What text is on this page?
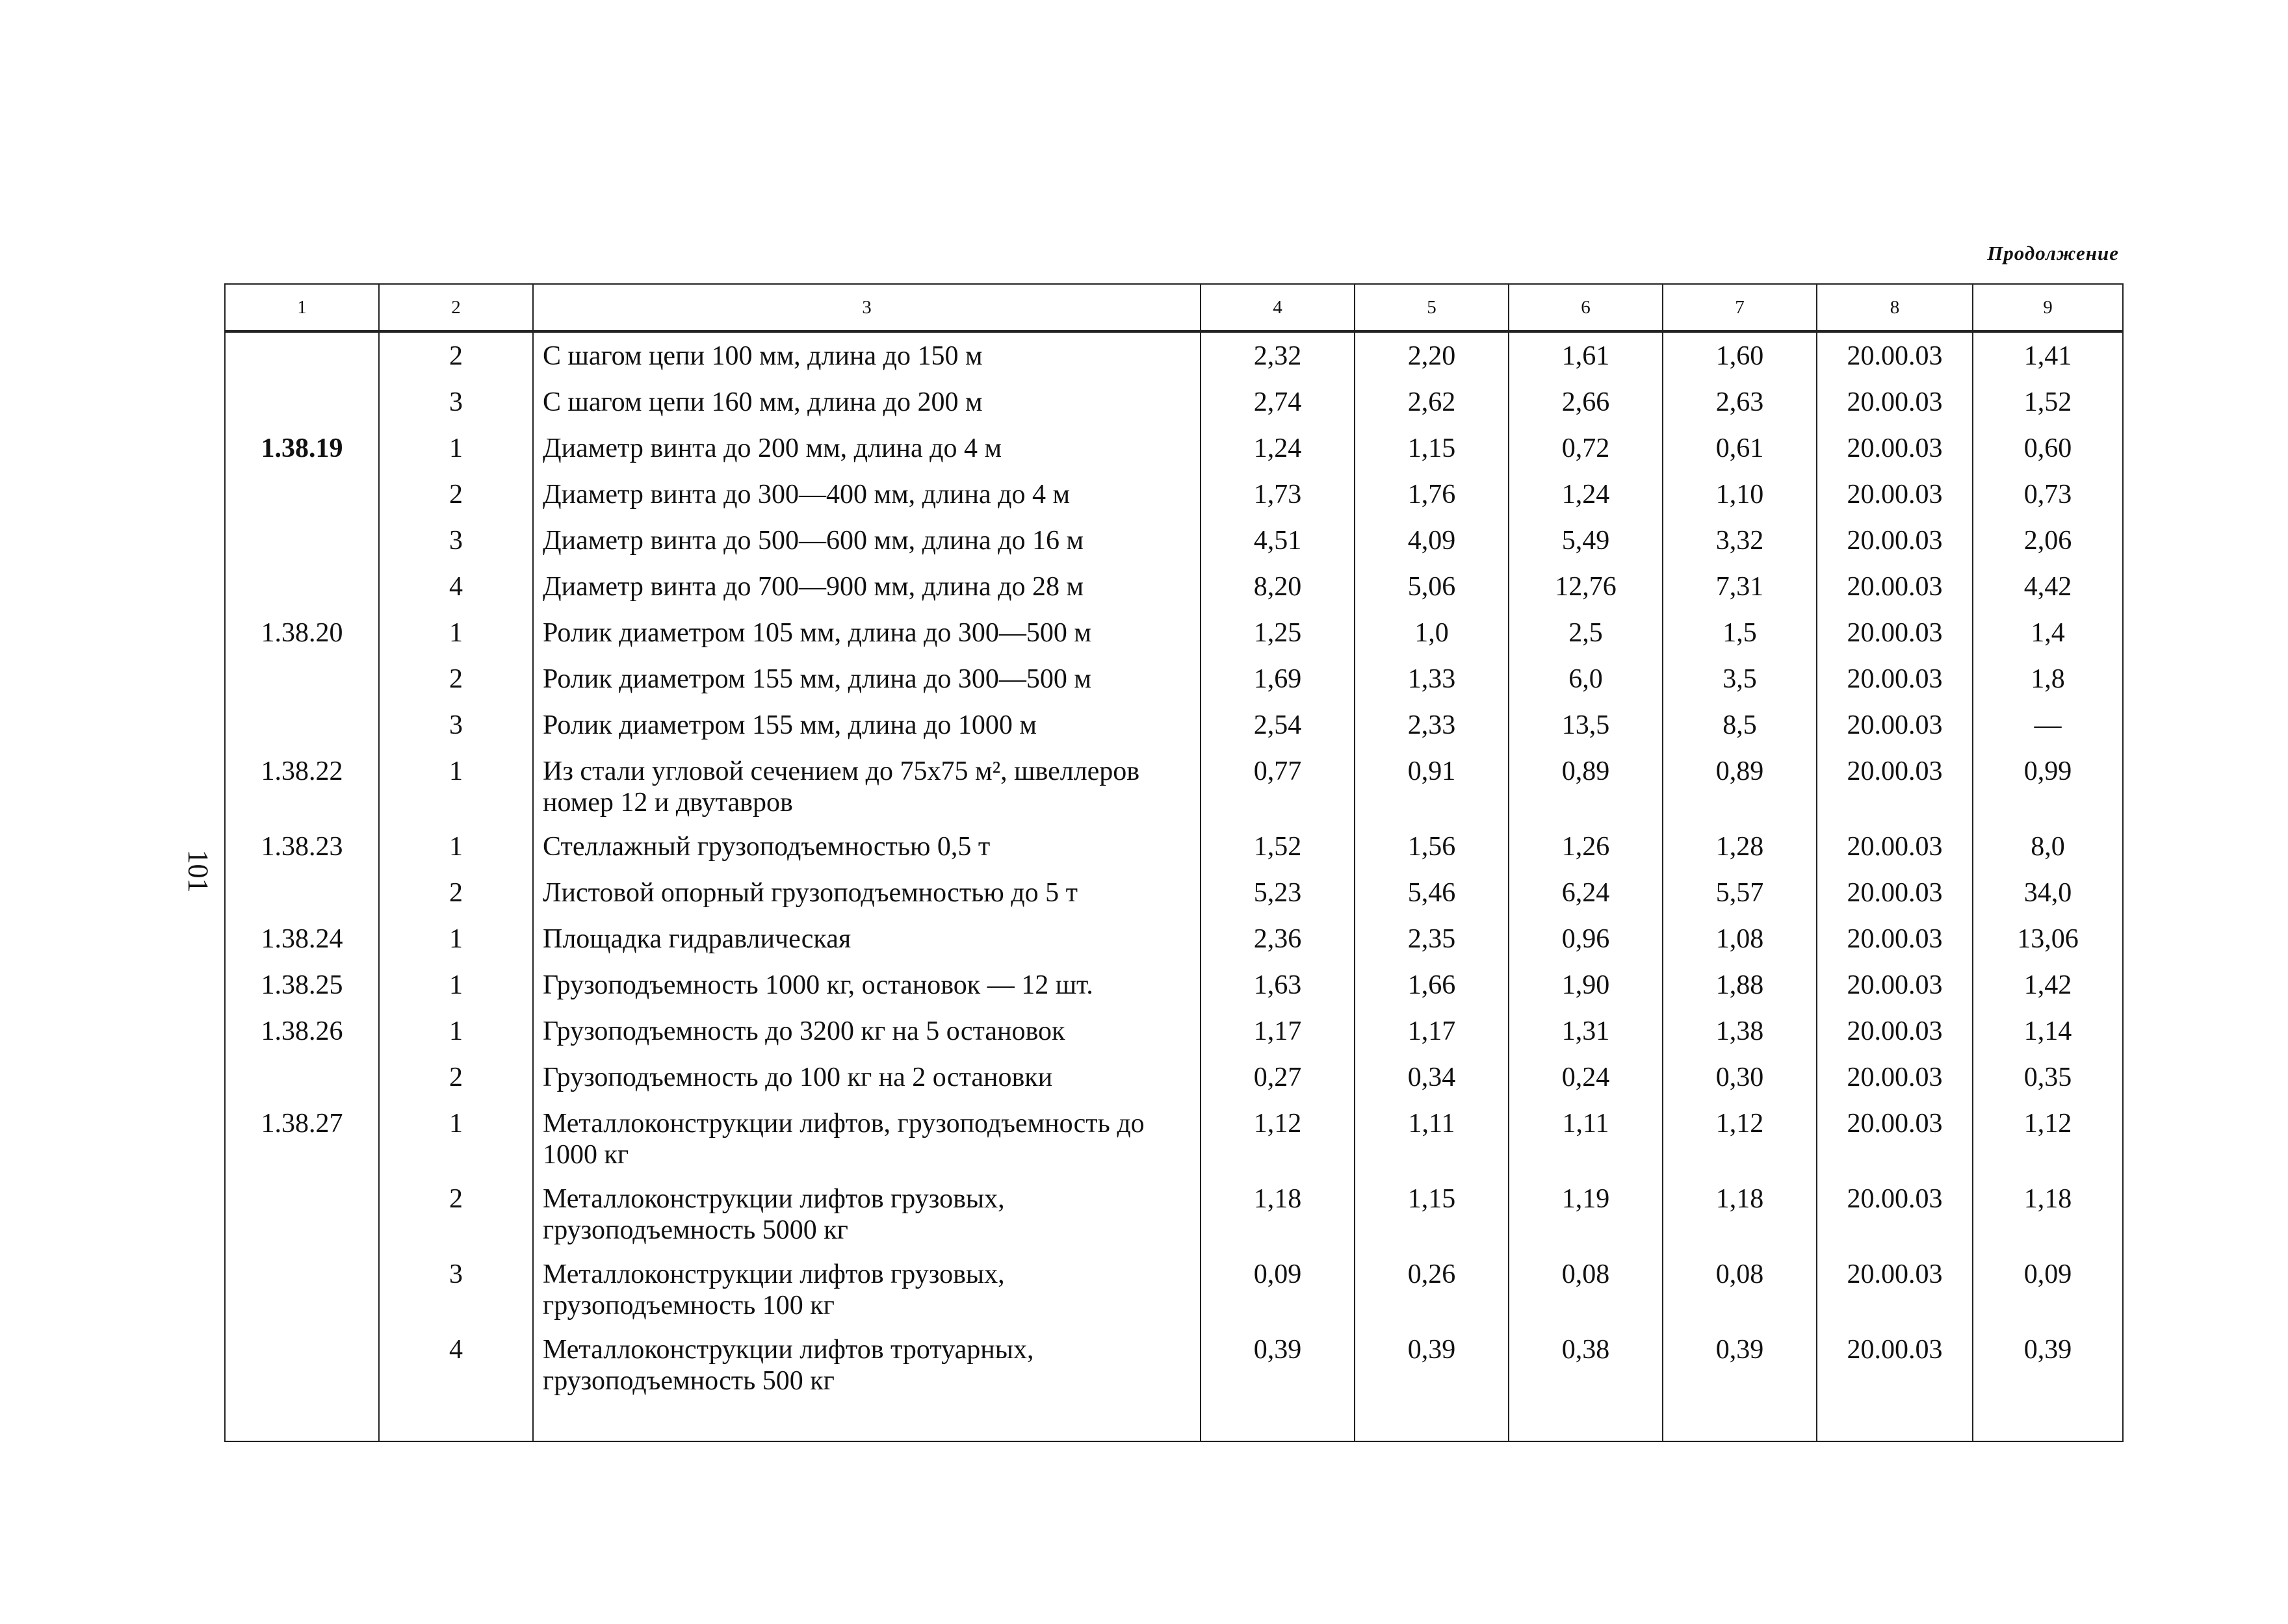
Продолжение
101
1	2	3	4	5	6	7	8	9
	2	С шагом цепи 100 мм, длина до 150 м	2,32	2,20	1,61	1,60	20.00.03	1,41
	3	С шагом цепи 160 мм, длина до 200 м	2,74	2,62	2,66	2,63	20.00.03	1,52
1.38.19	1	Диаметр винта до 200 мм, длина до 4 м	1,24	1,15	0,72	0,61	20.00.03	0,60
	2	Диаметр винта до 300—400 мм, длина до 4 м	1,73	1,76	1,24	1,10	20.00.03	0,73
	3	Диаметр винта до 500—600 мм, длина до 16 м	4,51	4,09	5,49	3,32	20.00.03	2,06
	4	Диаметр винта до 700—900 мм, длина до 28 м	8,20	5,06	12,76	7,31	20.00.03	4,42
1.38.20	1	Ролик диаметром 105 мм, длина до 300—500 м	1,25	1,0	2,5	1,5	20.00.03	1,4
	2	Ролик диаметром 155 мм, длина до 300—500 м	1,69	1,33	6,0	3,5	20.00.03	1,8
	3	Ролик диаметром 155 мм, длина до 1000 м	2,54	2,33	13,5	8,5	20.00.03	—
1.38.22	1	Из стали угловой сечением до 75x75 м², швеллеров номер 12 и двутавров	0,77	0,91	0,89	0,89	20.00.03	0,99
1.38.23	1	Стеллажный грузоподъемностью 0,5 т	1,52	1,56	1,26	1,28	20.00.03	8,0
	2	Листовой опорный грузоподъемностью до 5 т	5,23	5,46	6,24	5,57	20.00.03	34,0
1.38.24	1	Площадка гидравлическая	2,36	2,35	0,96	1,08	20.00.03	13,06
1.38.25	1	Грузоподъемность 1000 кг, остановок — 12 шт.	1,63	1,66	1,90	1,88	20.00.03	1,42
1.38.26	1	Грузоподъемность до 3200 кг на 5 остановок	1,17	1,17	1,31	1,38	20.00.03	1,14
	2	Грузоподъемность до 100 кг на 2 остановки	0,27	0,34	0,24	0,30	20.00.03	0,35
1.38.27	1	Металлоконструкции лифтов, грузоподъемность до 1000 кг	1,12	1,11	1,11	1,12	20.00.03	1,12
	2	Металлоконструкции лифтов грузовых, грузоподъемность 5000 кг	1,18	1,15	1,19	1,18	20.00.03	1,18
	3	Металлоконструкции лифтов грузовых, грузоподъемность 100 кг	0,09	0,26	0,08	0,08	20.00.03	0,09
	4	Металлоконструкции лифтов тротуарных, грузоподъемность 500 кг	0,39	0,39	0,38	0,39	20.00.03	0,39
